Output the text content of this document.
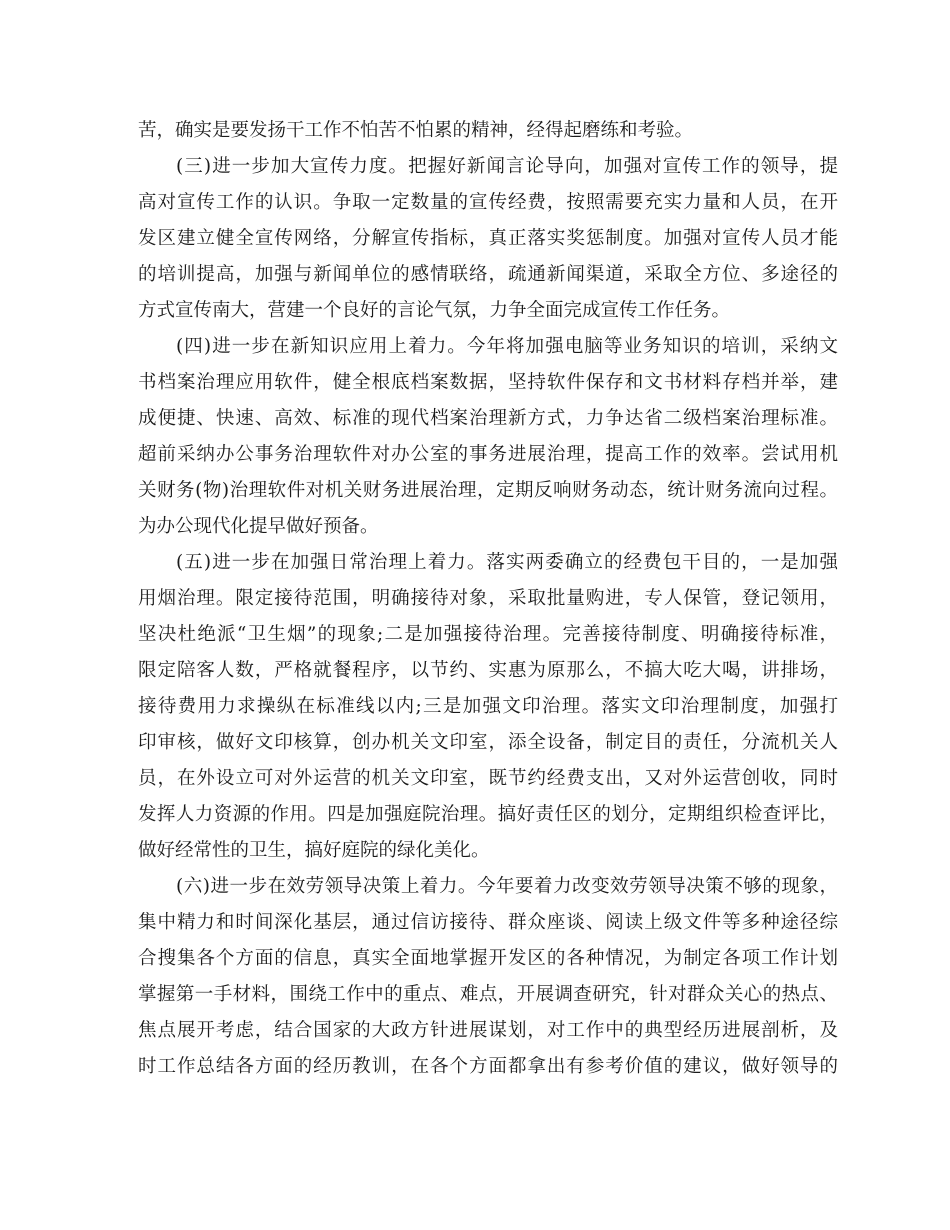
苦，确实是要发扬干工作不怕苦不怕累的精神，经得起磨练和考验。
(三)进一步加大宣传力度。把握好新闻言论导向，加强对宣传工作的领导，提
高对宣传工作的认识。争取一定数量的宣传经费，按照需要充实力量和人员，在开
发区建立健全宣传网络，分解宣传指标，真正落实奖惩制度。加强对宣传人员才能
的培训提高，加强与新闻单位的感情联络，疏通新闻渠道，采取全方位、多途径的
方式宣传南大，营建一个良好的言论气氛，力争全面完成宣传工作任务。
(四)进一步在新知识应用上着力。今年将加强电脑等业务知识的培训，采纳文
书档案治理应用软件，健全根底档案数据，坚持软件保存和文书材料存档并举，建
成便捷、快速、高效、标准的现代档案治理新方式，力争达省二级档案治理标准。
超前采纳办公事务治理软件对办公室的事务进展治理，提高工作的效率。尝试用机
关财务(物)治理软件对机关财务进展治理，定期反响财务动态，统计财务流向过程。
为办公现代化提早做好预备。
(五)进一步在加强日常治理上着力。落实两委确立的经费包干目的，一是加强
用烟治理。限定接待范围，明确接待对象，采取批量购进，专人保管，登记领用，
坚决杜绝派“卫生烟”的现象;二是加强接待治理。完善接待制度、明确接待标准，
限定陪客人数，严格就餐程序，以节约、实惠为原那么，不搞大吃大喝，讲排场，
接待费用力求操纵在标准线以内;三是加强文印治理。落实文印治理制度，加强打
印审核，做好文印核算，创办机关文印室，添全设备，制定目的责任，分流机关人
员，在外设立可对外运营的机关文印室，既节约经费支出，又对外运营创收，同时
发挥人力资源的作用。四是加强庭院治理。搞好责任区的划分，定期组织检查评比，
做好经常性的卫生，搞好庭院的绿化美化。
(六)进一步在效劳领导决策上着力。今年要着力改变效劳领导决策不够的现象，
集中精力和时间深化基层，通过信访接待、群众座谈、阅读上级文件等多种途径综
合搜集各个方面的信息，真实全面地掌握开发区的各种情况，为制定各项工作计划
掌握第一手材料，围绕工作中的重点、难点，开展调查研究，针对群众关心的热点、
焦点展开考虑，结合国家的大政方针进展谋划，对工作中的典型经历进展剖析，及
时工作总结各方面的经历教训，在各个方面都拿出有参考价值的建议，做好领导的
